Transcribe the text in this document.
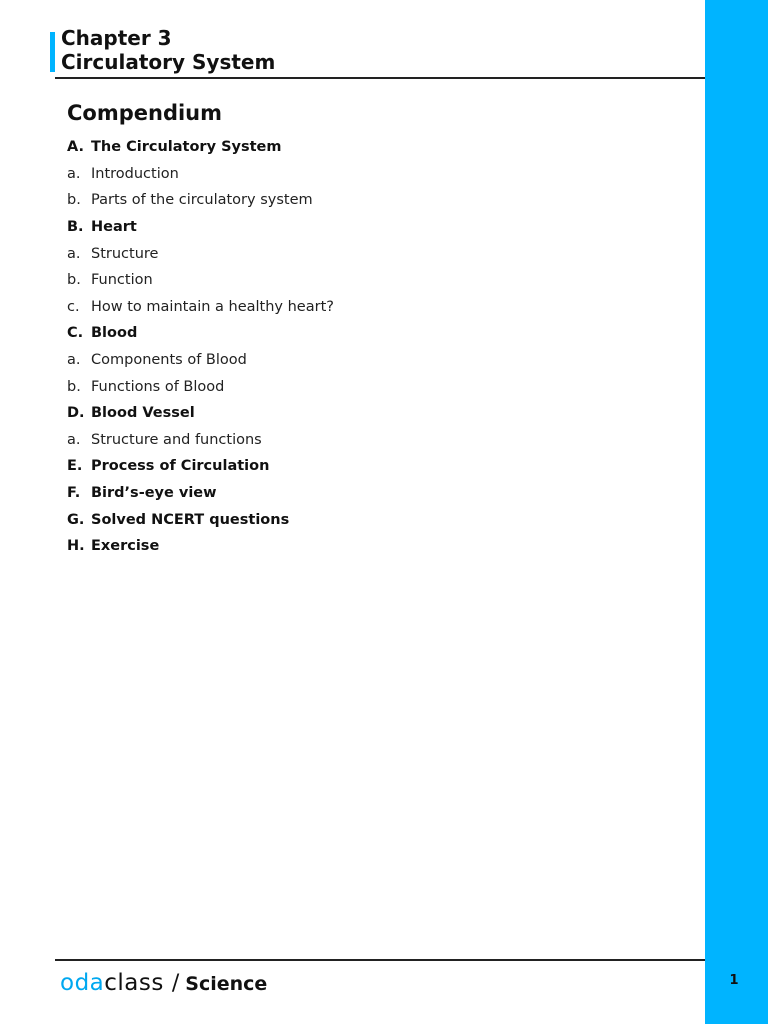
Chapter 3
Circulatory System
Compendium
A. The Circulatory System
a. Introduction
b. Parts of the circulatory system
B. Heart
a. Structure
b. Function
c. How to maintain a healthy heart?
C. Blood
a. Components of Blood
b. Functions of Blood
D. Blood Vessel
a. Structure and functions
E. Process of Circulation
F. Bird’s-eye view
G. Solved NCERT questions
H. Exercise
oda class / Science	1
